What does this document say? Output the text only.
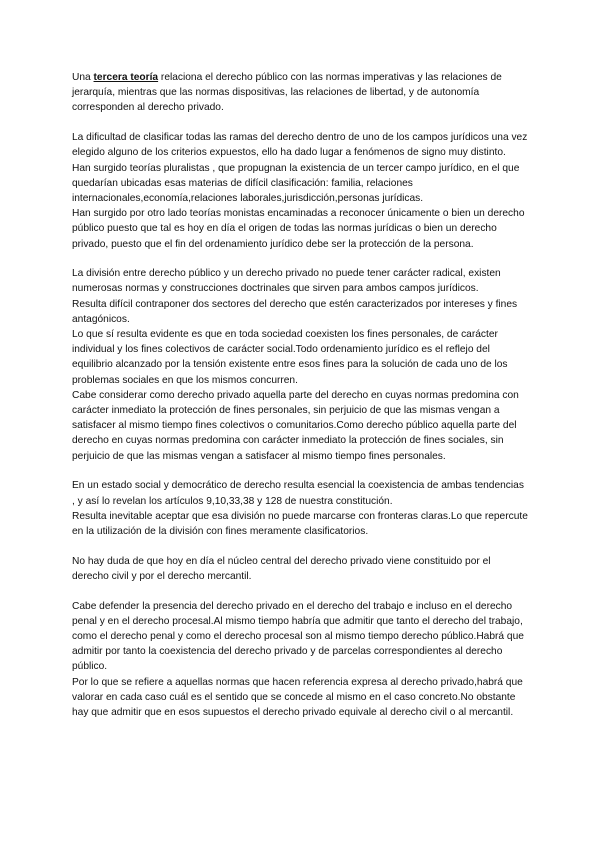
Una tercera teoría relaciona el derecho público con las normas imperativas y las relaciones de jerarquía, mientras que las normas dispositivas, las relaciones de libertad, y de autonomía corresponden al derecho privado.

La dificultad de clasificar todas las ramas del derecho dentro de uno de los campos jurídicos una vez elegido alguno de los criterios expuestos, ello ha dado lugar a fenómenos de signo muy distinto.

Han surgido teorías pluralistas , que propugnan la existencia de un tercer campo jurídico, en el que quedarían ubicadas esas materias de difícil clasificación: familia, relaciones internacionales,economía,relaciones laborales,jurisdicción,personas jurídicas.

Han surgido por otro lado teorías monistas encaminadas a reconocer únicamente o bien un derecho público puesto que tal es hoy en día el origen de todas las normas jurídicas o bien un derecho privado, puesto que el fin del ordenamiento jurídico debe ser la protección de la persona.

La división entre derecho público y un derecho privado no puede tener carácter radical, existen numerosas normas y construcciones doctrinales que sirven para ambos campos jurídicos.

Resulta difícil contraponer dos sectores del derecho que estén caracterizados por intereses y fines antagónicos.

Lo que sí resulta evidente es que en toda sociedad coexisten los fines personales, de carácter individual y los fines colectivos de carácter social.Todo ordenamiento jurídico es el reflejo del equilibrio alcanzado por la tensión existente entre esos fines para la solución de cada uno de los problemas sociales en que los mismos concurren.

Cabe considerar como derecho privado aquella parte del derecho en cuyas normas predomina con carácter inmediato la protección de fines personales, sin perjuicio de que las mismas vengan a satisfacer al mismo tiempo fines colectivos o comunitarios.Como derecho público aquella parte del derecho en cuyas normas predomina con carácter inmediato la protección de fines sociales, sin perjuicio de que las mismas vengan a satisfacer al mismo tiempo fines personales.

En un estado social y democrático de derecho resulta esencial la coexistencia de ambas tendencias , y así lo revelan los artículos 9,10,33,38 y 128 de nuestra constitución.

Resulta inevitable aceptar que esa división no puede marcarse con fronteras claras.Lo que repercute en la utilización de la división con fines meramente clasificatorios.

No hay duda de que hoy en día el núcleo central del derecho privado viene constituido por el derecho civil y por el derecho mercantil.

Cabe defender la presencia del derecho privado en el derecho del trabajo e incluso en el derecho penal y en el derecho procesal.Al mismo tiempo habría que admitir que tanto el derecho del trabajo, como el derecho penal y como el derecho procesal son al mismo tiempo derecho público.Habrá que admitir por tanto la coexistencia del derecho privado y de parcelas correspondientes al derecho público.

Por lo que se refiere a aquellas normas que hacen referencia expresa al derecho privado,habrá que valorar en cada caso cuál es el sentido que se concede al mismo en el caso concreto.No obstante hay que admitir que en esos supuestos el derecho privado equivale al derecho civil o al mercantil.
